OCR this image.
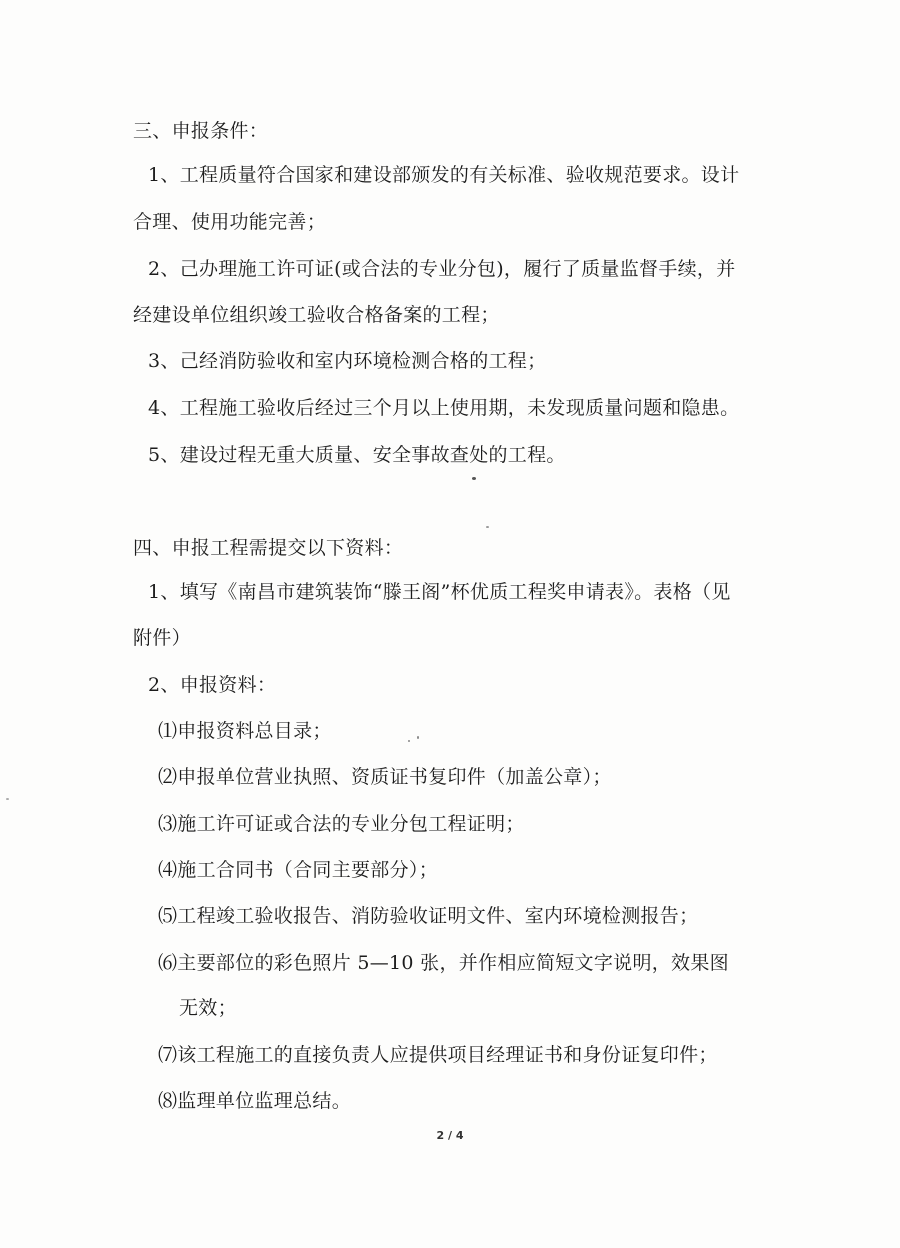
三、申报条件：
1、工程质量符合国家和建设部颁发的有关标准、验收规范要求。设计
合理、使用功能完善；
2、己办理施工许可证(或合法的专业分包)，履行了质量监督手续，并
经建设单位组织竣工验收合格备案的工程；
3、己经消防验收和室内环境检测合格的工程；
4、工程施工验收后经过三个月以上使用期，未发现质量问题和隐患。
5、建设过程无重大质量、安全事故查处的工程。
四、申报工程需提交以下资料：
1、填写《南昌市建筑装饰“滕王阁”杯优质工程奖申请表》。表格（见
附件）
2、申报资料：
⑴申报资料总目录；
⑵申报单位营业执照、资质证书复印件（加盖公章）；
⑶施工许可证或合法的专业分包工程证明；
⑷施工合同书（合同主要部分）；
⑸工程竣工验收报告、消防验收证明文件、室内环境检测报告；
⑹主要部位的彩色照片 5—10 张，并作相应简短文字说明，效果图
无效；
⑺该工程施工的直接负责人应提供项目经理证书和身份证复印件；
⑻监理单位监理总结。
2 / 4
